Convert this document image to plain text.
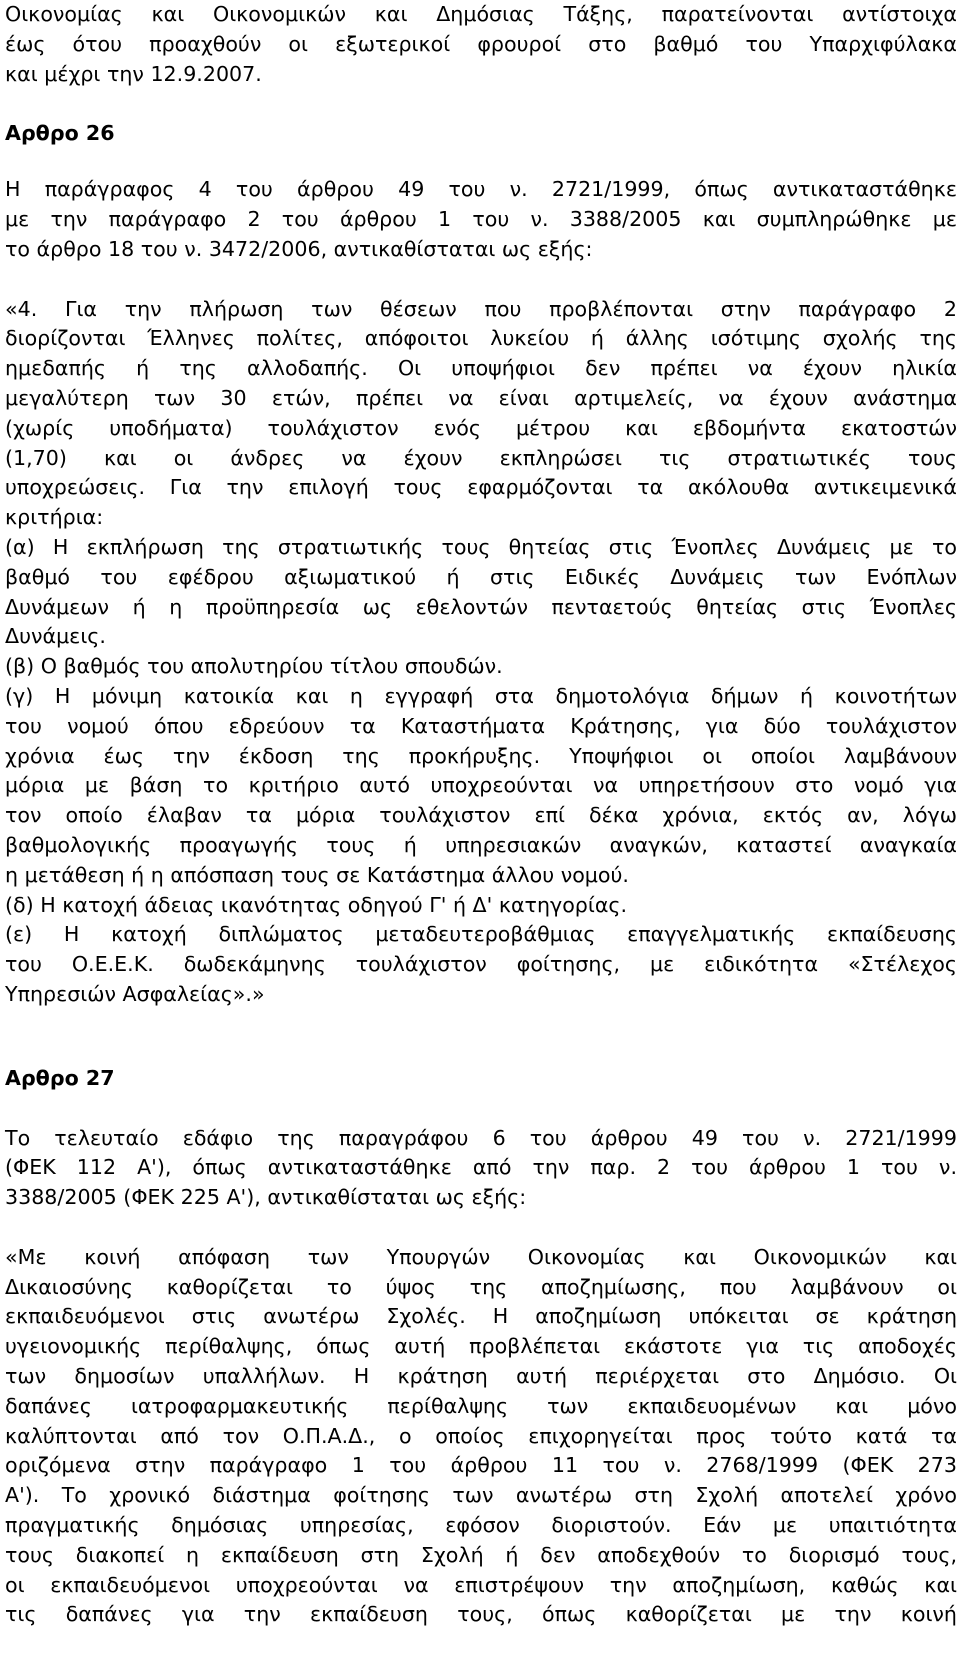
Οικονομίας και Οικονομικών και Δημόσιας Τάξης, παρατείνονται αντίστοιχα
έως ότου προαχθούν οι εξωτερικοί φρουροί στο βαθμό του Υπαρχιφύλακα
και μέχρι την 12.9.2007.
Αρθρο 26
Η παράγραφος 4 του άρθρου 49 του ν. 2721/1999, όπως αντικαταστάθηκε
με την παράγραφο 2 του άρθρου 1 του ν. 3388/2005 και συμπληρώθηκε με
το άρθρο 18 του ν. 3472/2006, αντικαθίσταται ως εξής:
«4. Για την πλήρωση των θέσεων που προβλέπονται στην παράγραφο 2
διορίζονται Έλληνες πολίτες, απόφοιτοι λυκείου ή άλλης ισότιμης σχολής της
ημεδαπής ή της αλλοδαπής. Οι υποψήφιοι δεν πρέπει να έχουν ηλικία
μεγαλύτερη των 30 ετών, πρέπει να είναι αρτιμελείς, να έχουν ανάστημα
(χωρίς υποδήματα) τουλάχιστον ενός μέτρου και εβδομήντα εκατοστών
(1,70) και οι άνδρες να έχουν εκπληρώσει τις στρατιωτικές τους
υποχρεώσεις. Για την επιλογή τους εφαρμόζονται τα ακόλουθα αντικειμενικά
κριτήρια:
(α) Η εκπλήρωση της στρατιωτικής τους θητείας στις Ένοπλες Δυνάμεις με το
βαθμό του εφέδρου αξιωματικού ή στις Ειδικές Δυνάμεις των Ενόπλων
Δυνάμεων ή η προϋπηρεσία ως εθελοντών πενταετούς θητείας στις Ένοπλες
Δυνάμεις.
(β) Ο βαθμός του απολυτηρίου τίτλου σπουδών.
(γ) Η μόνιμη κατοικία και η εγγραφή στα δημοτολόγια δήμων ή κοινοτήτων
του νομού όπου εδρεύουν τα Καταστήματα Κράτησης, για δύο τουλάχιστον
χρόνια έως την έκδοση της προκήρυξης. Υποψήφιοι οι οποίοι λαμβάνουν
μόρια με βάση το κριτήριο αυτό υποχρεούνται να υπηρετήσουν στο νομό για
τον οποίο έλαβαν τα μόρια τουλάχιστον επί δέκα χρόνια, εκτός αν, λόγω
βαθμολογικής προαγωγής τους ή υπηρεσιακών αναγκών, καταστεί αναγκαία
η μετάθεση ή η απόσπαση τους σε Κατάστημα άλλου νομού.
(δ) Η κατοχή άδειας ικανότητας οδηγού Γ' ή Δ' κατηγορίας.
(ε) Η κατοχή διπλώματος μεταδευτεροβάθμιας επαγγελματικής εκπαίδευσης
του Ο.Ε.Ε.Κ. δωδεκάμηνης τουλάχιστον φοίτησης, με ειδικότητα «Στέλεχος
Υπηρεσιών Ασφαλείας».»
Αρθρο 27
Το τελευταίο εδάφιο της παραγράφου 6 του άρθρου 49 του ν. 2721/1999
(ΦΕΚ 112 Α'), όπως αντικαταστάθηκε από την παρ. 2 του άρθρου 1 του ν.
3388/2005 (ΦΕΚ 225 Α'), αντικαθίσταται ως εξής:
«Με κοινή απόφαση των Υπουργών Οικονομίας και Οικονομικών και
Δικαιοσύνης καθορίζεται το ύψος της αποζημίωσης, που λαμβάνουν οι
εκπαιδευόμενοι στις ανωτέρω Σχολές. Η αποζημίωση υπόκειται σε κράτηση
υγειονομικής περίθαλψης, όπως αυτή προβλέπεται εκάστοτε για τις αποδοχές
των δημοσίων υπαλλήλων. Η κράτηση αυτή περιέρχεται στο Δημόσιο. Οι
δαπάνες ιατροφαρμακευτικής περίθαλψης των εκπαιδευομένων και μόνο
καλύπτονται από τον Ο.Π.Α.Δ., ο οποίος επιχορηγείται προς τούτο κατά τα
οριζόμενα στην παράγραφο 1 του άρθρου 11 του ν. 2768/1999 (ΦΕΚ 273
Α'). Το χρονικό διάστημα φοίτησης των ανωτέρω στη Σχολή αποτελεί χρόνο
πραγματικής δημόσιας υπηρεσίας, εφόσον διοριστούν. Εάν με υπαιτιότητα
τους διακοπεί η εκπαίδευση στη Σχολή ή δεν αποδεχθούν το διορισμό τους,
οι εκπαιδευόμενοι υποχρεούνται να επιστρέψουν την αποζημίωση, καθώς και
τις δαπάνες για την εκπαίδευση τους, όπως καθορίζεται με την κοινή
